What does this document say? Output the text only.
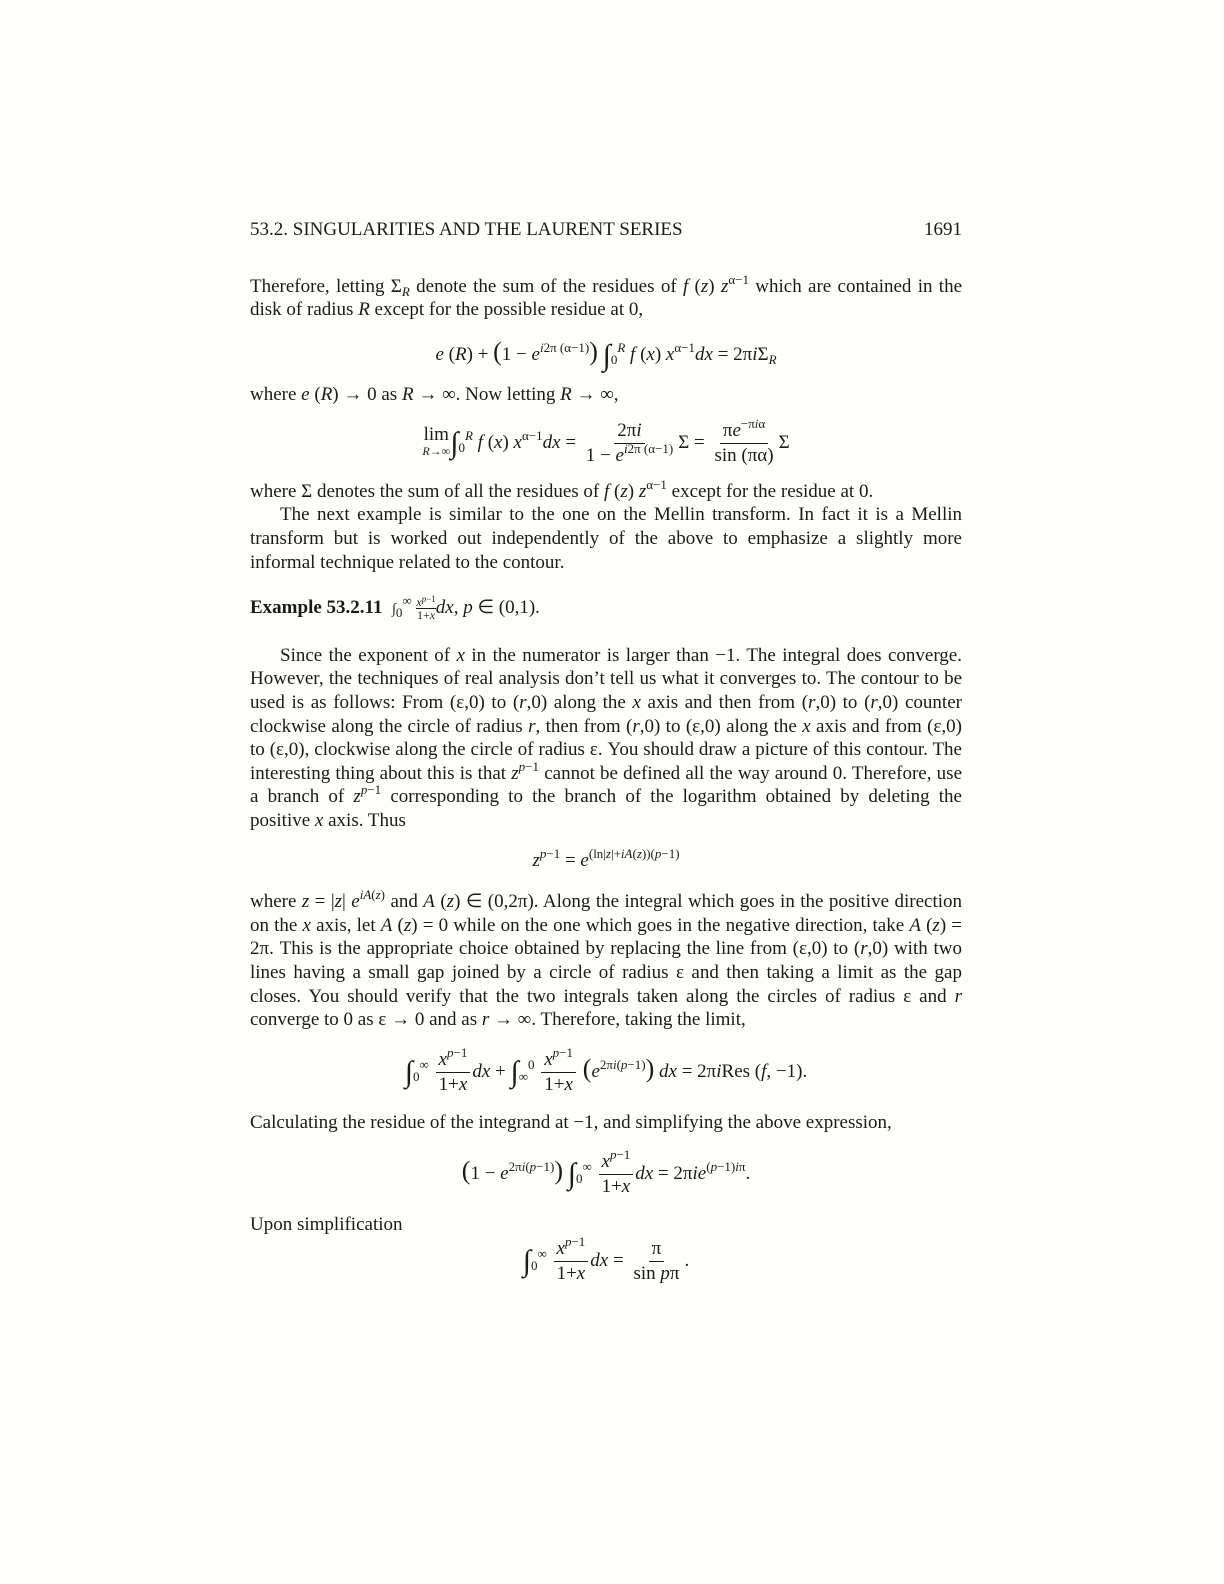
53.2. SINGULARITIES AND THE LAURENT SERIES	1691

Therefore, letting $\Sigma_R$ denote the sum of the residues of f (z) $z^{\alpha-1}$ which are contained in the disk of radius R except for the possible residue at 0,

e $(R) + (1 - e^{i2\pi (\alpha-1)})$ $\int_0^R$ f (x) $x^{\alpha-1}dx = 2\pi i\Sigma_R$

where e (R) → 0 as R → ∞. Now letting R → ∞,

lim
R→∞ $\int_0^R$ f (x) $x^{\alpha-1}dx = \frac{2\pi i}{1 - e^{i2\pi (\alpha-1)}}$ $\Sigma = \frac{\pi e^{-\pi i\alpha}}{\sin (\pi\alpha)}$ Σ

where Σ denotes the sum of all the residues of f (z) $z^{\alpha-1}$ except for the residue at 0.

The next example is similar to the one on the Mellin transform. In fact it is a Mellin transform but is worked out independently of the above to emphasize a slightly more informal technique related to the contour.

Example 53.2.11 $\int_0^\infty \frac{x^{p-1}}{1+x}$ dx, p ∈ (0,1).

Since the exponent of x in the numerator is larger than −1. The integral does converge. However, the techniques of real analysis don’t tell us what it converges to. The contour to be used is as follows: From (ε,0) to (r,0) along the x axis and then from (r,0) to (r,0) counter clockwise along the circle of radius r, then from (r,0) to (ε,0) along the x axis and from (ε,0) to (ε,0), clockwise along the circle of radius ε. You should draw a picture of this contour. The interesting thing about this is that $z^{p-1}$ cannot be defined all the way around 0. Therefore, use a branch of $z^{p-1}$ corresponding to the branch of the logarithm obtained by deleting the positive x axis. Thus

$z^{p-1} = e^{(ln|z|+iA(z))(p-1)}$

where z = |z| $e^{iA(z)}$ and A (z) ∈ (0,2π). Along the integral which goes in the positive direction on the x axis, let A (z) = 0 while on the one which goes in the negative direction, take A (z) = 2π. This is the appropriate choice obtained by replacing the line from (ε,0) to (r,0) with two lines having a small gap joined by a circle of radius ε and then taking a limit as the gap closes. You should verify that the two integrals taken along the circles of radius ε and r converge to 0 as ε → 0 and as r → ∞. Therefore, taking the limit,

$\int_0^\infty \frac{x^{p-1}}{1+x}$ dx + $\int_\infty^0 \frac{x^{p-1}}{1+x} (e^{2\pi i(p-1)})$ dx = 2πiRes (f, −1).

Calculating the residue of the integrand at −1, and simplifying the above expression,

$(1 - e^{2\pi i(p-1)})$ $\int_0^\infty \frac{x^{p-1}}{1+x}$ dx = 2πie$^{(p-1)i\pi}$.

Upon simplification

$\int_0^\infty \frac{x^{p-1}}{1+x}$ dx = $\frac{\pi}{\text{sin pπ}}$ .
